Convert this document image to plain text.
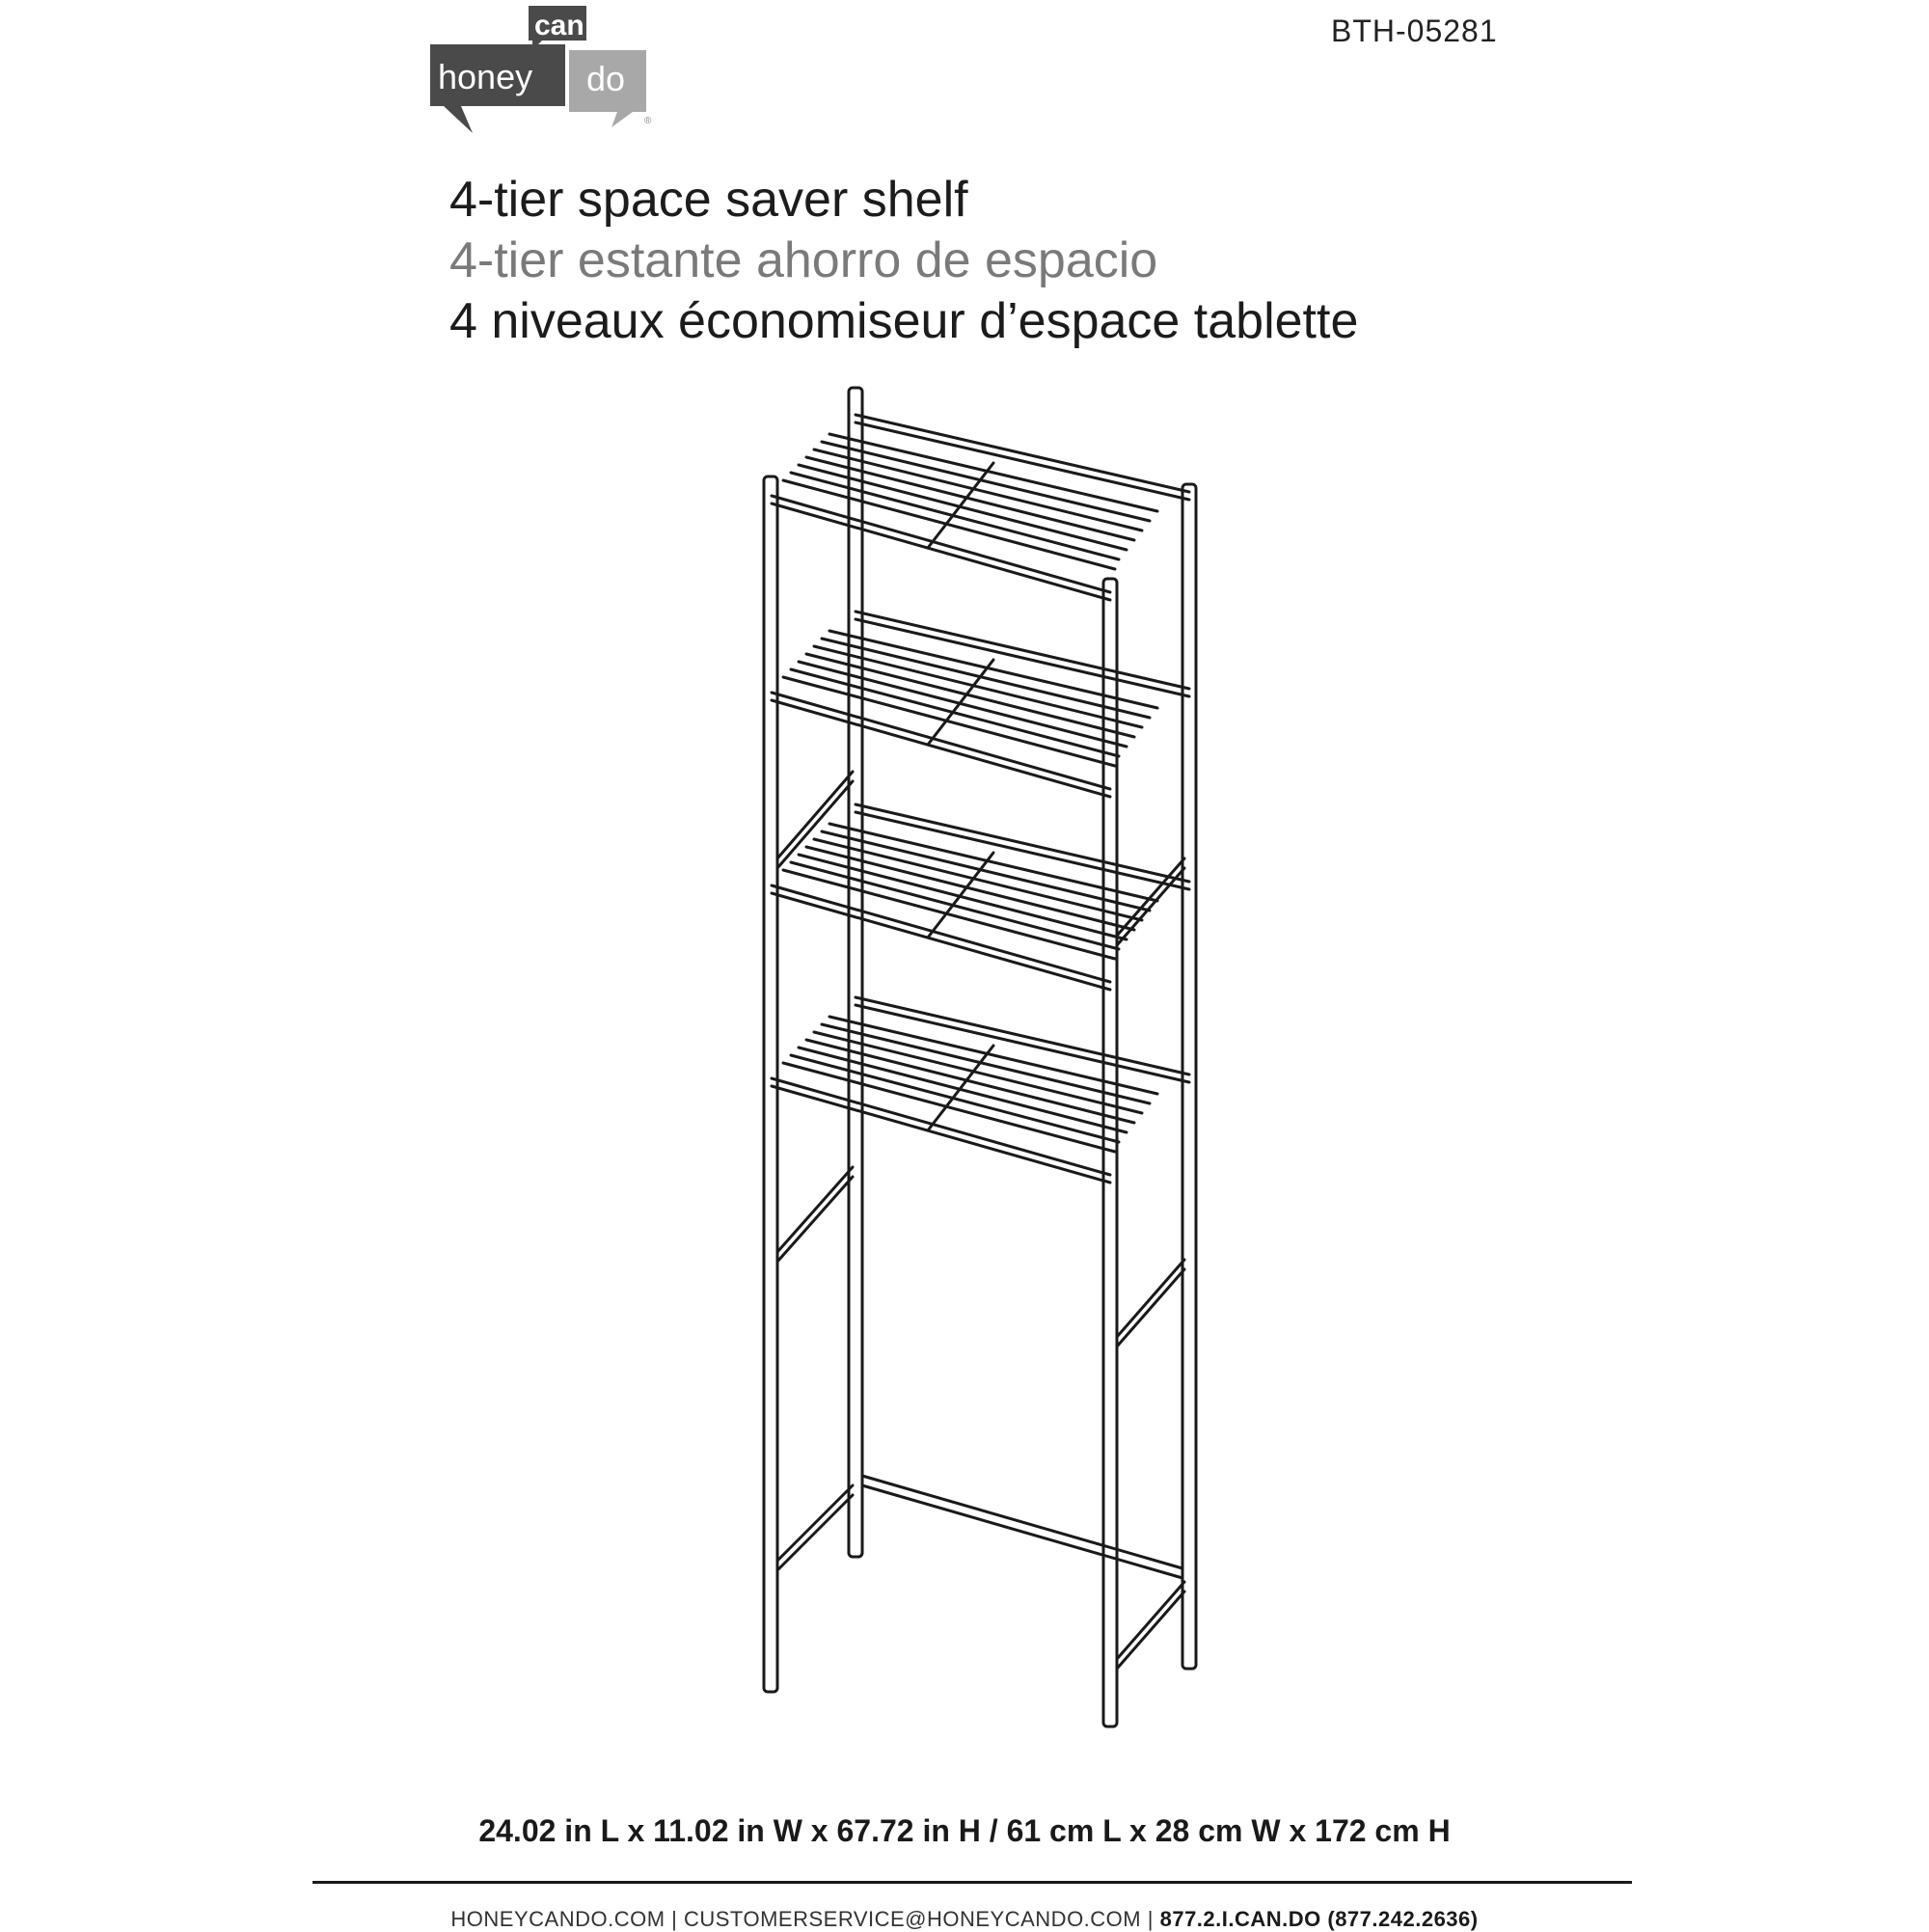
can
honey do
®
BTH-05281
4-tier space saver shelf
4-tier estante ahorro de espacio
4 niveaux économiseur d’espace tablette
24.02 in L x 11.02 in W x 67.72 in H / 61 cm L x 28 cm W x 172 cm H
HONEYCANDO.COM | CUSTOMERSERVICE@HONEYCANDO.COM | 877.2.I.CAN.DO (877.242.2636)
